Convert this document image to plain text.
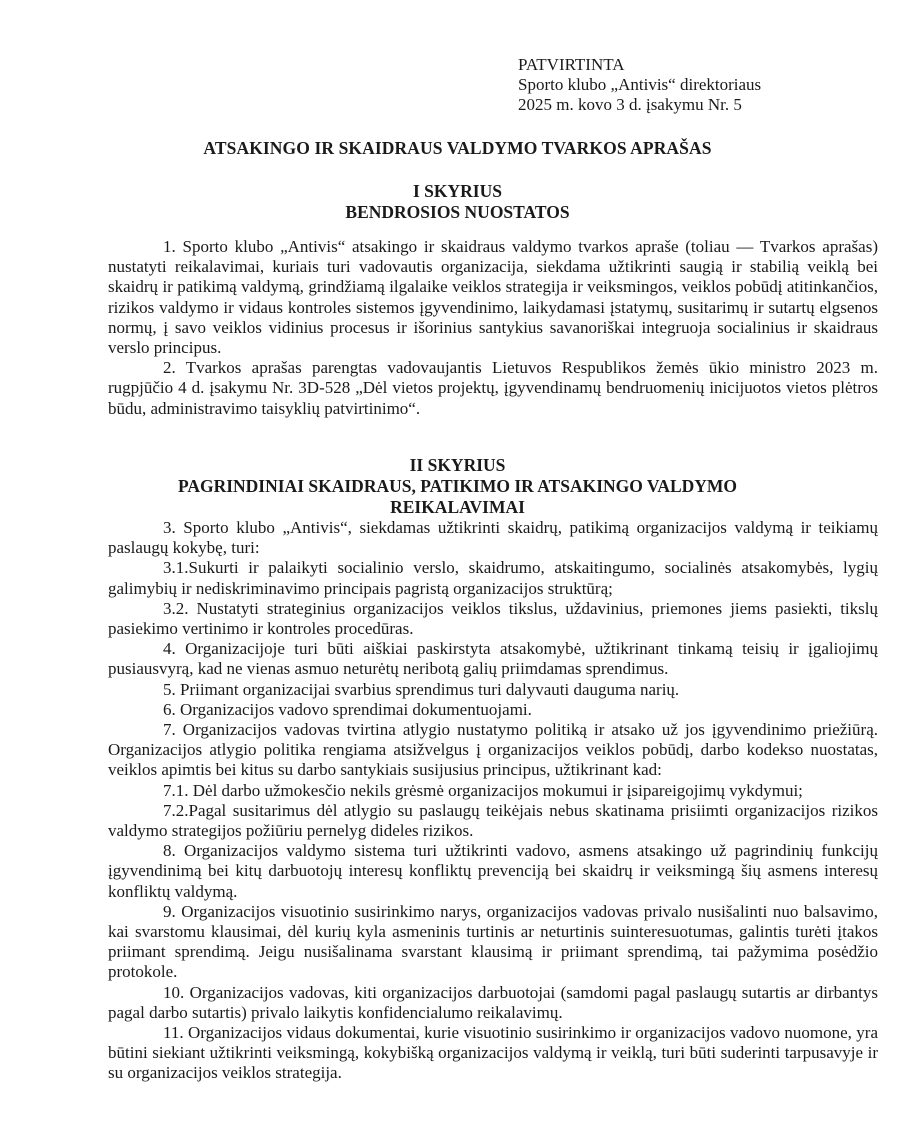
PATVIRTINTA
Sporto klubo „Antivis“ direktoriaus
2025 m. kovo 3 d. įsakymu Nr. 5
ATSAKINGO IR SKAIDRAUS VALDYMO TVARKOS APRAŠAS
I SKYRIUS
BENDROSIOS NUOSTATOS

1. Sporto klubo „Antivis“ atsakingo ir skaidraus valdymo tvarkos apraše (toliau — Tvarkos aprašas) nustatyti reikalavimai, kuriais turi vadovautis organizacija, siekdama užtikrinti saugią ir stabilią veiklą bei skaidrų ir patikimą valdymą, grindžiamą ilgalaike veiklos strategija ir veiksmingos, veiklos pobūdį atitinkančios, rizikos valdymo ir vidaus kontroles sistemos įgyvendinimo, laikydamasi įstatymų, susitarimų ir sutartų elgsenos normų, į savo veiklos vidinius procesus ir išorinius santykius savanoriškai integruoja socialinius ir skaidraus verslo principus.

2. Tvarkos aprašas parengtas vadovaujantis Lietuvos Respublikos žemės ūkio ministro 2023 m. rugpjūčio 4 d. įsakymu Nr. 3D-528 „Dėl vietos projektų, įgyvendinamų bendruomenių inicijuotos vietos plėtros būdu, administravimo taisyklių patvirtinimo“.

II SKYRIUS
PAGRINDINIAI SKAIDRAUS, PATIKIMO IR ATSAKINGO VALDYMO
REIKALAVIMAI

3. Sporto klubo „Antivis“, siekdamas užtikrinti skaidrų, patikimą organizacijos valdymą ir teikiamų paslaugų kokybę, turi:

3.1.Sukurti ir palaikyti socialinio verslo, skaidrumo, atskaitingumo, socialinės atsakomybės, lygių galimybių ir nediskriminavimo principais pagristą organizacijos struktūrą;

3.2. Nustatyti strateginius organizacijos veiklos tikslus, uždavinius, priemones jiems pasiekti, tikslų pasiekimo vertinimo ir kontroles procedūras.

4. Organizacijoje turi būti aiškiai paskirstyta atsakomybė, užtikrinant tinkamą teisių ir įgaliojimų pusiausvyrą, kad ne vienas asmuo neturėtų neribotą galių priimdamas sprendimus.

5. Priimant organizacijai svarbius sprendimus turi dalyvauti dauguma narių.

6. Organizacijos vadovo sprendimai dokumentuojami.

7. Organizacijos vadovas tvirtina atlygio nustatymo politiką ir atsako už jos įgyvendinimo priežiūrą. Organizacijos atlygio politika rengiama atsižvelgus į organizacijos veiklos pobūdį, darbo kodekso nuostatas, veiklos apimtis bei kitus su darbo santykiais susijusius principus, užtikrinant kad:

7.1. Dėl darbo užmokesčio nekils grėsmė organizacijos mokumui ir įsipareigojimų vykdymui;

7.2.Pagal susitarimus dėl atlygio su paslaugų teikėjais nebus skatinama prisiimti organizacijos rizikos valdymo strategijos požiūriu pernelyg dideles rizikos.

8. Organizacijos valdymo sistema turi užtikrinti vadovo, asmens atsakingo už pagrindinių funkcijų įgyvendinimą bei kitų darbuotojų interesų konfliktų prevenciją bei skaidrų ir veiksmingą šių asmens interesų konfliktų valdymą.

9. Organizacijos visuotinio susirinkimo narys, organizacijos vadovas privalo nusišalinti nuo balsavimo, kai svarstomu klausimai, dėl kurių kyla asmeninis turtinis ar neturtinis suinteresuotumas, galintis turėti įtakos priimant sprendimą. Jeigu nusišalinama svarstant klausimą ir priimant sprendimą, tai pažymima posėdžio protokole.

10. Organizacijos vadovas, kiti organizacijos darbuotojai (samdomi pagal paslaugų sutartis ar dirbantys pagal darbo sutartis) privalo laikytis konfidencialumo reikalavimų.

11. Organizacijos vidaus dokumentai, kurie visuotinio susirinkimo ir organizacijos vadovo nuomone, yra būtini siekiant užtikrinti veiksmingą, kokybišką organizacijos valdymą ir veiklą, turi būti suderinti tarpusavyje ir su organizacijos veiklos strategija.
